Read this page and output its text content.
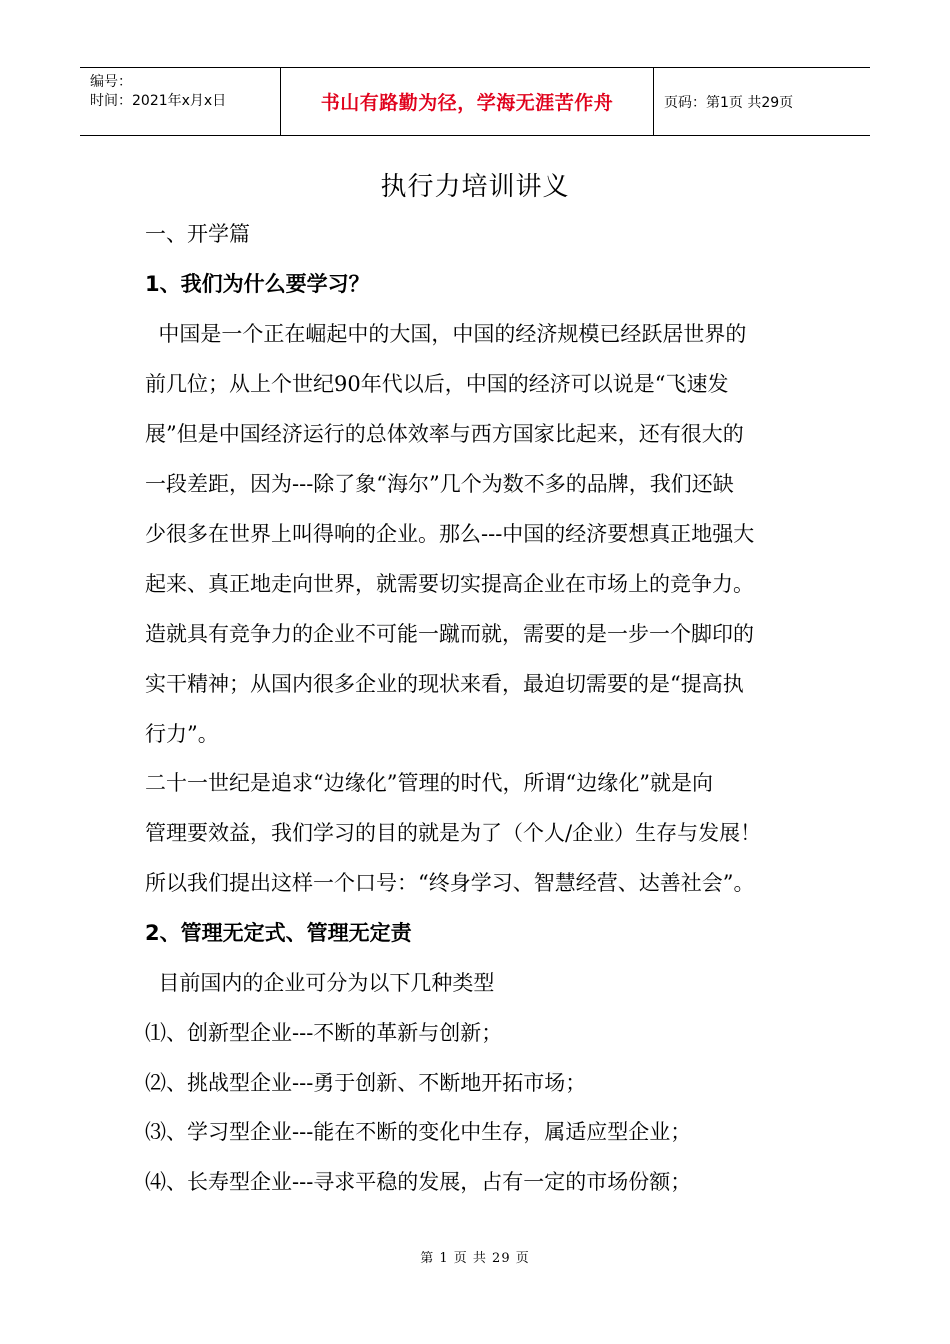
编号：
时间：2021年x月x日	书山有路勤为径，学海无涯苦作舟	页码：第1页 共29页
执行力培训讲义
一、开学篇
1、我们为什么要学习？
中国是一个正在崛起中的大国，中国的经济规模已经跃居世界的
前几位；从上个世纪90年代以后，中国的经济可以说是“飞速发
展”但是中国经济运行的总体效率与西方国家比起来，还有很大的
一段差距，因为---除了象“海尔”几个为数不多的品牌，我们还缺
少很多在世界上叫得响的企业。那么---中国的经济要想真正地强大
起来、真正地走向世界，就需要切实提高企业在市场上的竞争力。
造就具有竞争力的企业不可能一蹴而就，需要的是一步一个脚印的
实干精神；从国内很多企业的现状来看，最迫切需要的是“提高执
行力”。
二十一世纪是追求“边缘化”管理的时代，所谓“边缘化”就是向
管理要效益，我们学习的目的就是为了（个人/企业）生存与发展！
所以我们提出这样一个口号：“终身学习、智慧经营、达善社会”。
2、管理无定式、管理无定责
目前国内的企业可分为以下几种类型
⑴、创新型企业---不断的革新与创新；
⑵、挑战型企业---勇于创新、不断地开拓市场；
⑶、学习型企业---能在不断的变化中生存，属适应型企业；
⑷、长寿型企业---寻求平稳的发展，占有一定的市场份额；
第 1 页 共 29 页
